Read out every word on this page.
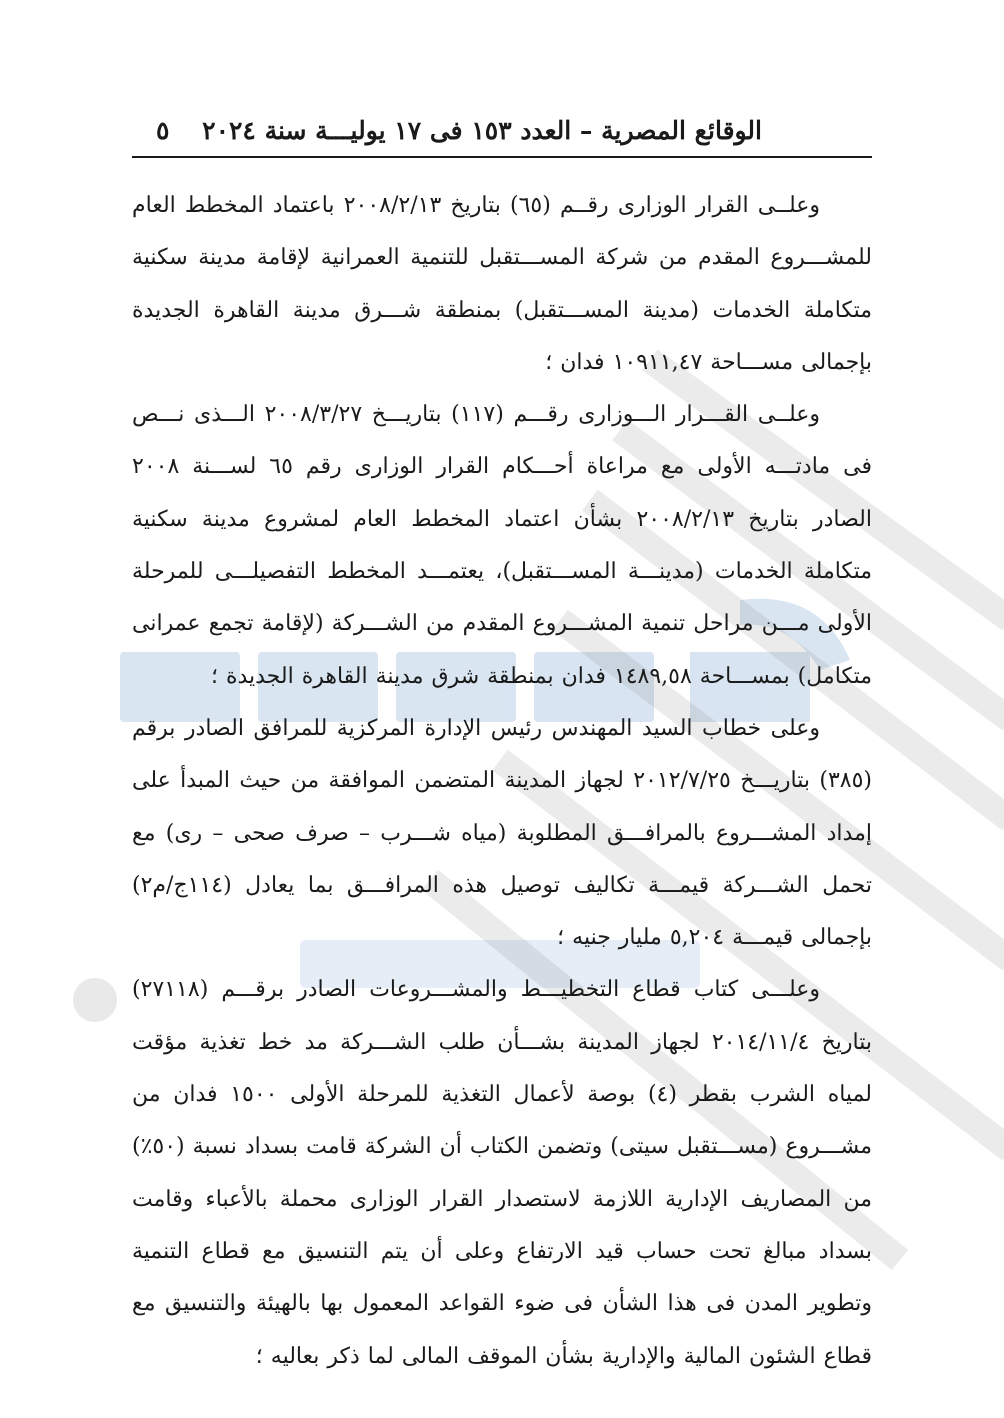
الوقائع المصرية – العدد ١٥٣ فى ١٧ يوليـــة سنة ٢٠٢٤
٥

وعلــى القرار الوزارى رقــم (٦٥) بتاريخ ٢٠٠٨/٢/١٣ باعتماد المخطط العام للمشـــروع المقدم من شركة المســـتقبل للتنمية العمرانية لإقامة مدينة سكنية متكاملة الخدمات (مدينة المســـتقبل) بمنطقة شـــرق مدينة القاهرة الجديدة بإجمالى مســـاحة ١٠٩١١,٤٧ فدان ؛

وعلــى القـــرار الـــوزارى رقـــم (١١٧) بتاريـــخ ٢٠٠٨/٣/٢٧ الـــذى نـــص فى مادتـــه الأولى مع مراعاة أحـــكام القرار الوزارى رقم ٦٥ لســـنة ٢٠٠٨ الصادر بتاريخ ٢٠٠٨/٢/١٣ بشأن اعتماد المخطط العام لمشروع مدينة سكنية متكاملة الخدمات (مدينـــة المســـتقبل)، يعتمـــد المخطط التفصيلـــى للمرحلة الأولى مـــن مراحل تنمية المشـــروع المقدم من الشـــركة (لإقامة تجمع عمرانى متكامل) بمســـاحة ١٤٨٩,٥٨ فدان بمنطقة شرق مدينة القاهرة الجديدة ؛

وعلى خطاب السيد المهندس رئيس الإدارة المركزية للمرافق الصادر برقم (٣٨٥) بتاريـــخ ٢٠١٢/٧/٢٥ لجهاز المدينة المتضمن الموافقة من حيث المبدأ على إمداد المشـــروع بالمرافـــق المطلوبة (مياه شـــرب – صرف صحى – رى) مع تحمل الشـــركة قيمـــة تكاليف توصيل هذه المرافـــق بما يعادل (١١٤ج/م٢) بإجمالى قيمـــة ٥,٢٠٤ مليار جنيه ؛

وعلـــى كتاب قطاع التخطيـــط والمشـــروعات الصادر برقـــم (٢٧١١٨) بتاريخ ٢٠١٤/١١/٤ لجهاز المدينة بشـــأن طلب الشـــركة مد خط تغذية مؤقت لمياه الشرب بقطر (٤) بوصة لأعمال التغذية للمرحلة الأولى ١٥٠٠ فدان من مشـــروع (مســـتقبل سيتى) وتضمن الكتاب أن الشركة قامت بسداد نسبة (٥٠٪) من المصاريف الإدارية اللازمة لاستصدار القرار الوزارى محملة بالأعباء وقامت بسداد مبالغ تحت حساب قيد الارتفاع وعلى أن يتم التنسيق مع قطاع التنمية وتطوير المدن فى هذا الشأن فى ضوء القواعد المعمول بها بالهيئة والتنسيق مع قطاع الشئون المالية والإدارية بشأن الموقف المالى لما ذكر بعاليه ؛
